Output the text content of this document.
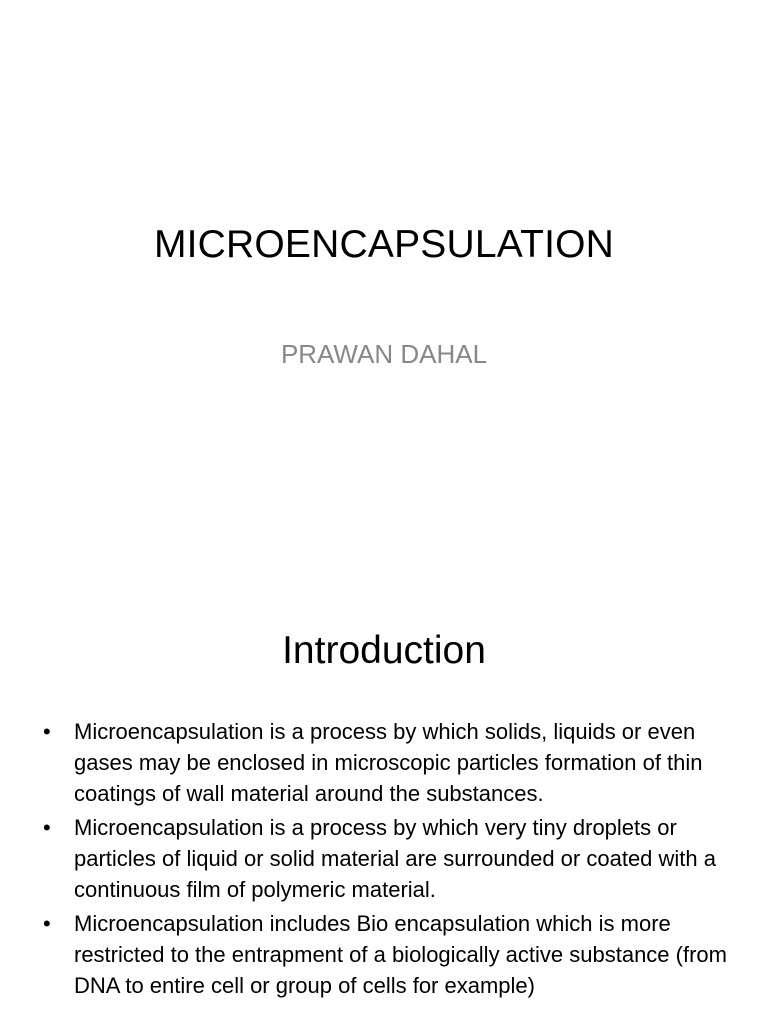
MICROENCAPSULATION
PRAWAN DAHAL
Introduction
• Microencapsulation is a process by which solids, liquids or even gases may be enclosed in microscopic particles formation of thin coatings of wall material around the substances.
• Microencapsulation is a process by which very tiny droplets or particles of liquid or solid material are surrounded or coated with a continuous film of polymeric material.
• Microencapsulation includes Bio encapsulation which is more restricted to the entrapment of a biologically active substance (from DNA to entire cell or group of cells for example)
